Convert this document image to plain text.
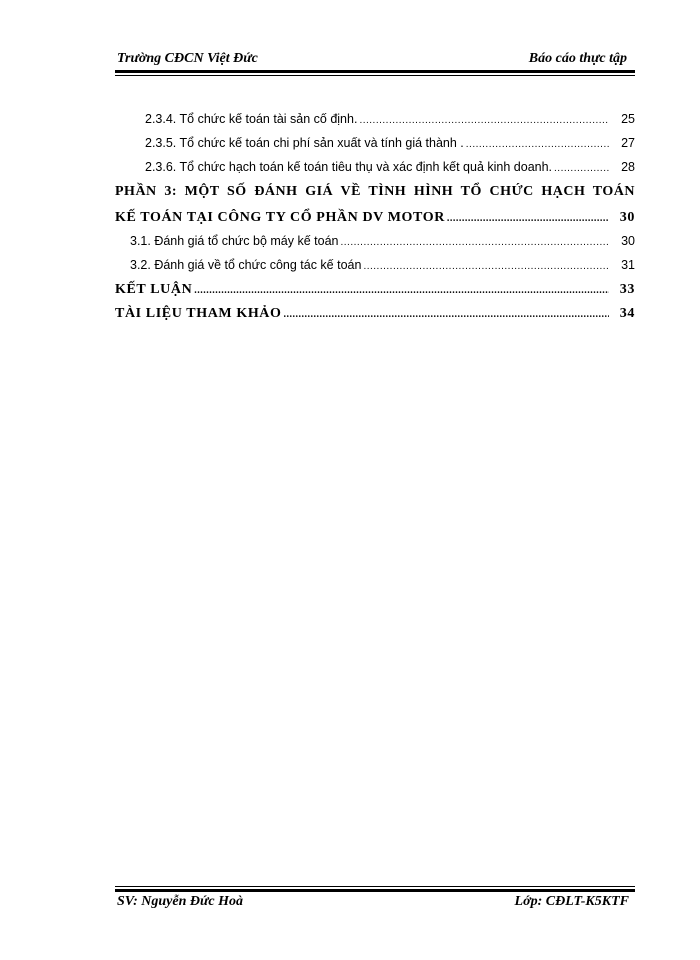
Trường CĐCN Việt Đức	Báo cáo thực tập
2.3.4. Tổ chức kế toán tài sản cố định. .....	25
2.3.5. Tổ chức kế toán chi phí sản xuất và tính giá thành . .....	27
2.3.6. Tổ chức hạch toán kế toán tiêu thụ và xác định kết quả kinh doanh. .....	28
PHẦN 3: MỘT SỐ ĐÁNH GIÁ VỀ TÌNH HÌNH TỔ CHỨC HẠCH TOÁN
KẾ TOÁN TẠI CÔNG TY CỔ PHẦN DV MOTOR .....	30
3.1. Đánh giá tổ chức bộ máy kế toán .....	30
3.2. Đánh giá về tổ chức công tác kế toán .....	31
KẾT LUẬN .....	33
TÀI LIỆU THAM KHẢO .....	34
SV: Nguyễn Đức Hoà	Lớp: CĐLT-K5KTF
